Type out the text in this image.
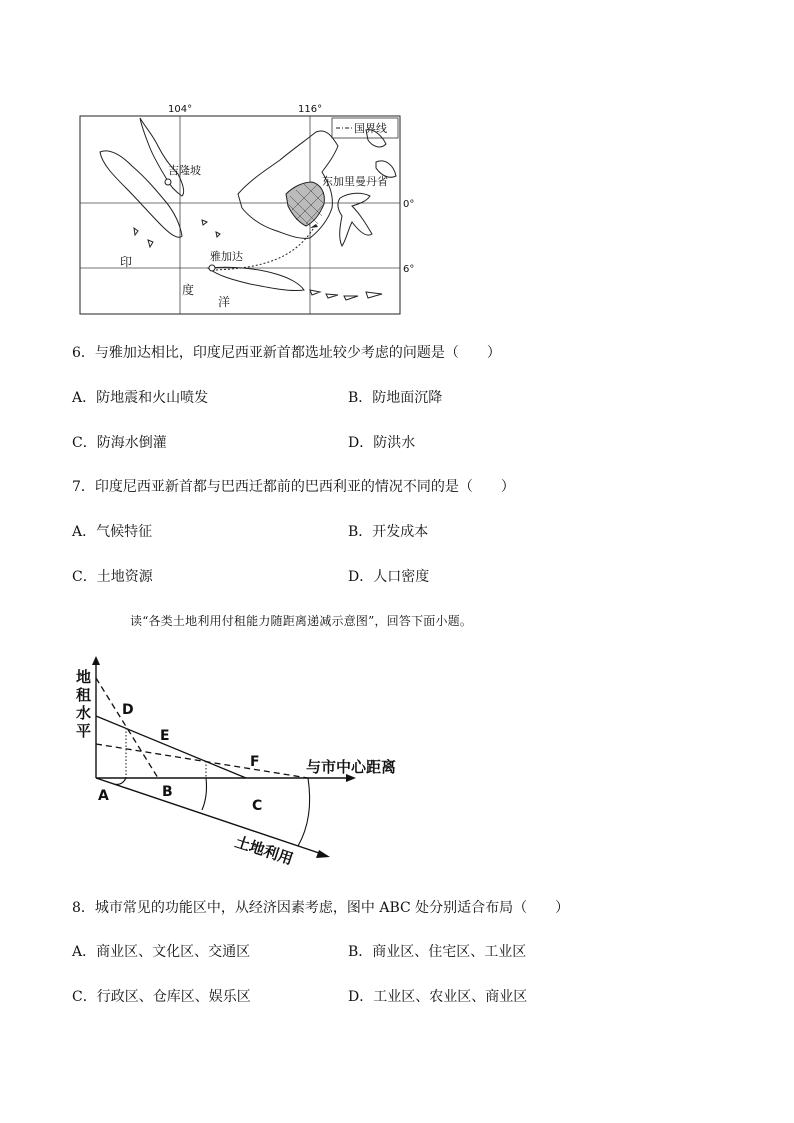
104°	116°
0°
6°
国界线
吉隆坡
雅加达
东加里曼丹省
印
度
洋
6．与雅加达相比，印度尼西亚新首都选址较少考虑的问题是（　　）
A．防地震和火山喷发	B．防地面沉降
C．防海水倒灌	D．防洪水
7．印度尼西亚新首都与巴西迁都前的巴西利亚的情况不同的是（　　）
A．气候特征	B．开发成本
C．土地资源	D．人口密度
读“各类土地利用付租能力随距离递减示意图”，回答下面小题。
地
租
水
平
与市中心距离
土地利用
D
E
F
A	B
C
8．城市常见的功能区中，从经济因素考虑，图中 ABC 处分别适合布局（　　）
A．商业区、文化区、交通区	B．商业区、住宅区、工业区
C．行政区、仓库区、娱乐区	D．工业区、农业区、商业区
